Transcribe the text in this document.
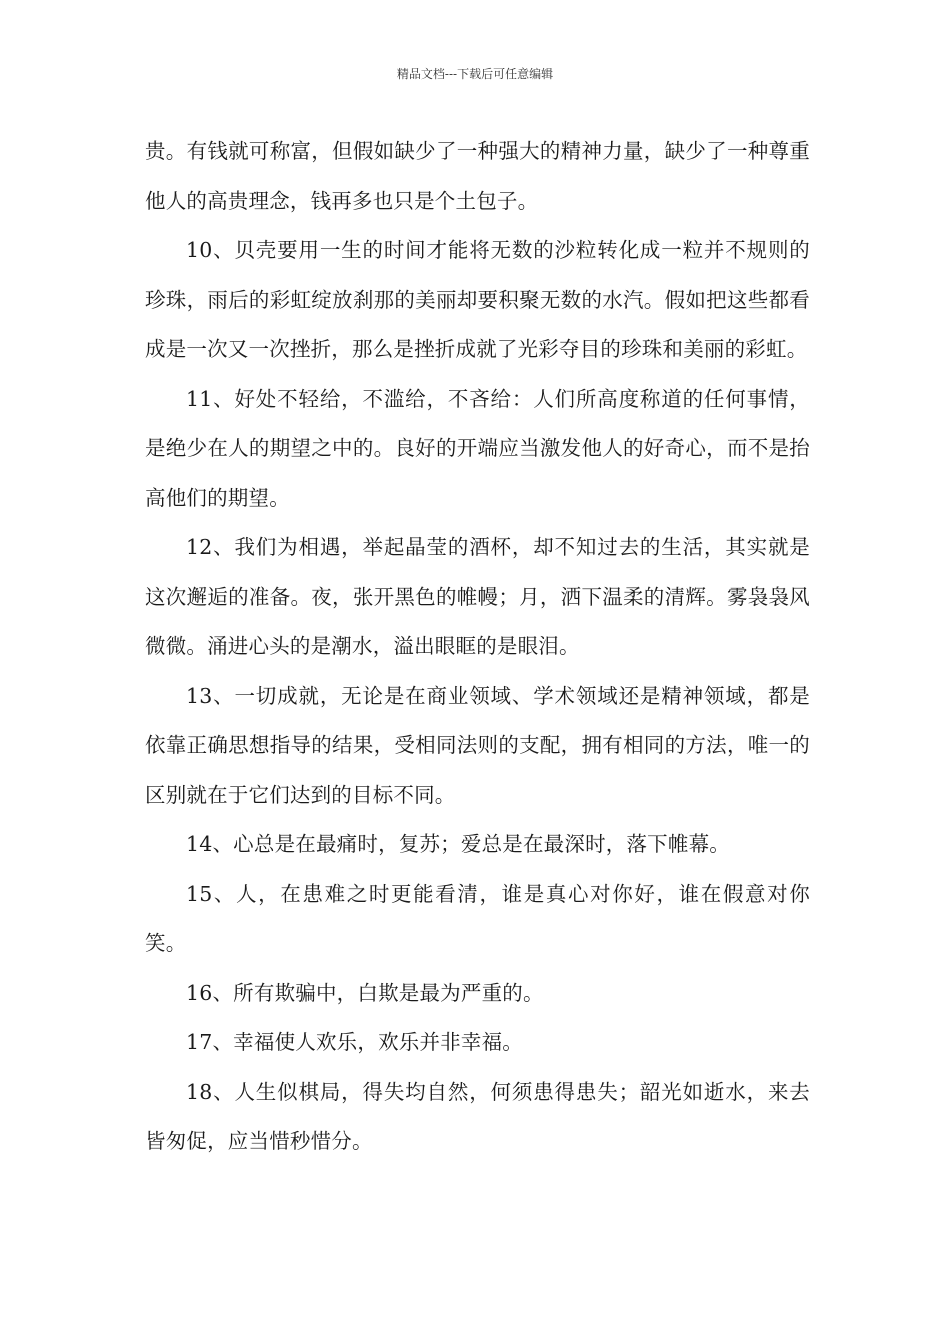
精品文档---下载后可任意编辑

贵。有钱就可称富，但假如缺少了一种强大的精神力量，缺少了一种尊重他人的高贵理念，钱再多也只是个土包子。

10、贝壳要用一生的时间才能将无数的沙粒转化成一粒并不规则的珍珠，雨后的彩虹绽放刹那的美丽却要积聚无数的水汽。假如把这些都看成是一次又一次挫折，那么是挫折成就了光彩夺目的珍珠和美丽的彩虹。

11、好处不轻给，不滥给，不吝给：人们所高度称道的任何事情，是绝少在人的期望之中的。良好的开端应当激发他人的好奇心，而不是抬高他们的期望。

12、我们为相遇，举起晶莹的酒杯，却不知过去的生活，其实就是这次邂逅的准备。夜，张开黑色的帷幔；月，洒下温柔的清辉。雾袅袅风微微。涌进心头的是潮水，溢出眼眶的是眼泪。

13、一切成就，无论是在商业领域、学术领域还是精神领域，都是依靠正确思想指导的结果，受相同法则的支配，拥有相同的方法，唯一的区别就在于它们达到的目标不同。

14、心总是在最痛时，复苏；爱总是在最深时，落下帷幕。

15、人，在患难之时更能看清，谁是真心对你好，谁在假意对你笑。

16、所有欺骗中，白欺是最为严重的。

17、幸福使人欢乐，欢乐并非幸福。

18、人生似棋局，得失均自然，何须患得患失；韶光如逝水，来去皆匆促，应当惜秒惜分。
